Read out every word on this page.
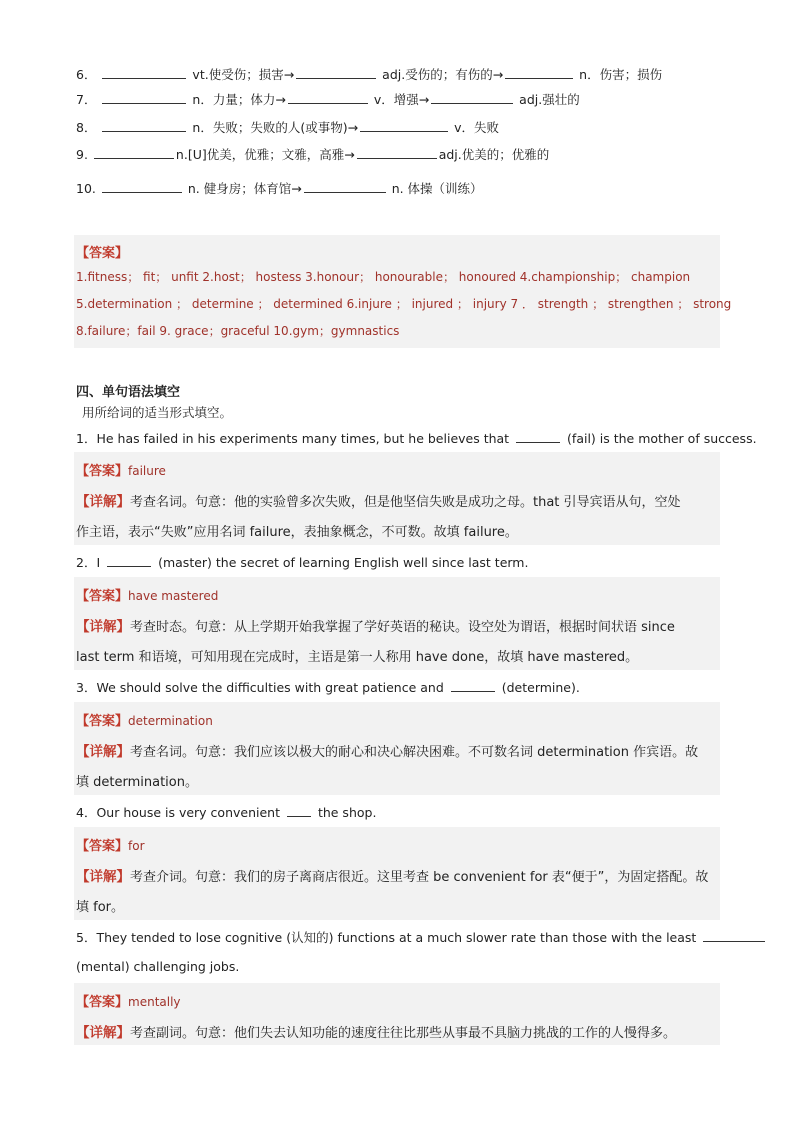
6．	vt.使受伤；损害→	adj.受伤的；有伤的→	n．伤害；损伤
7．	n．力量；体力→	v．增强→	adj.强壮的
8．	n．失败；失败的人(或事物)→	v．失败
9.	n.[U]优美，优雅；文雅，高雅→	adj.优美的；优雅的
10.	n. 健身房；体育馆→	n. 体操（训练）
【答案】
1.fitness； fit； unfit 2.host； hostess 3.honour； honourable； honoured 4.championship； champion
5.determination ； determine ； determined 6.injure ； injured ； injury 7 ． strength ； strengthen ； strong
8.failure；fail 9. grace；graceful 10.gym；gymnastics
四、单句语法填空
用所给词的适当形式填空。
1．He has failed in his experiments many times, but he believes that	(fail) is the mother of success.
【答案】failure
【详解】考查名词。句意：他的实验曾多次失败，但是他坚信失败是成功之母。that 引导宾语从句，空处
作主语，表示“失败”应用名词 failure，表抽象概念，不可数。故填 failure。
2．I	(master) the secret of learning English well since last term.
【答案】have mastered
【详解】考查时态。句意：从上学期开始我掌握了学好英语的秘诀。设空处为谓语，根据时间状语 since
last term 和语境，可知用现在完成时，主语是第一人称用 have done，故填 have mastered。
3．We should solve the difficulties with great patience and	(determine).
【答案】determination
【详解】考查名词。句意：我们应该以极大的耐心和决心解决困难。不可数名词 determination 作宾语。故
填 determination。
4．Our house is very convenient  the shop.
【答案】for
【详解】考查介词。句意：我们的房子离商店很近。这里考查 be convenient for 表“便于”，为固定搭配。故
填 for。
5．They tended to lose cognitive (认知的) functions at a much slower rate than those with the least
(mental) challenging jobs.
【答案】mentally
【详解】考查副词。句意：他们失去认知功能的速度往往比那些从事最不具脑力挑战的工作的人慢得多。
